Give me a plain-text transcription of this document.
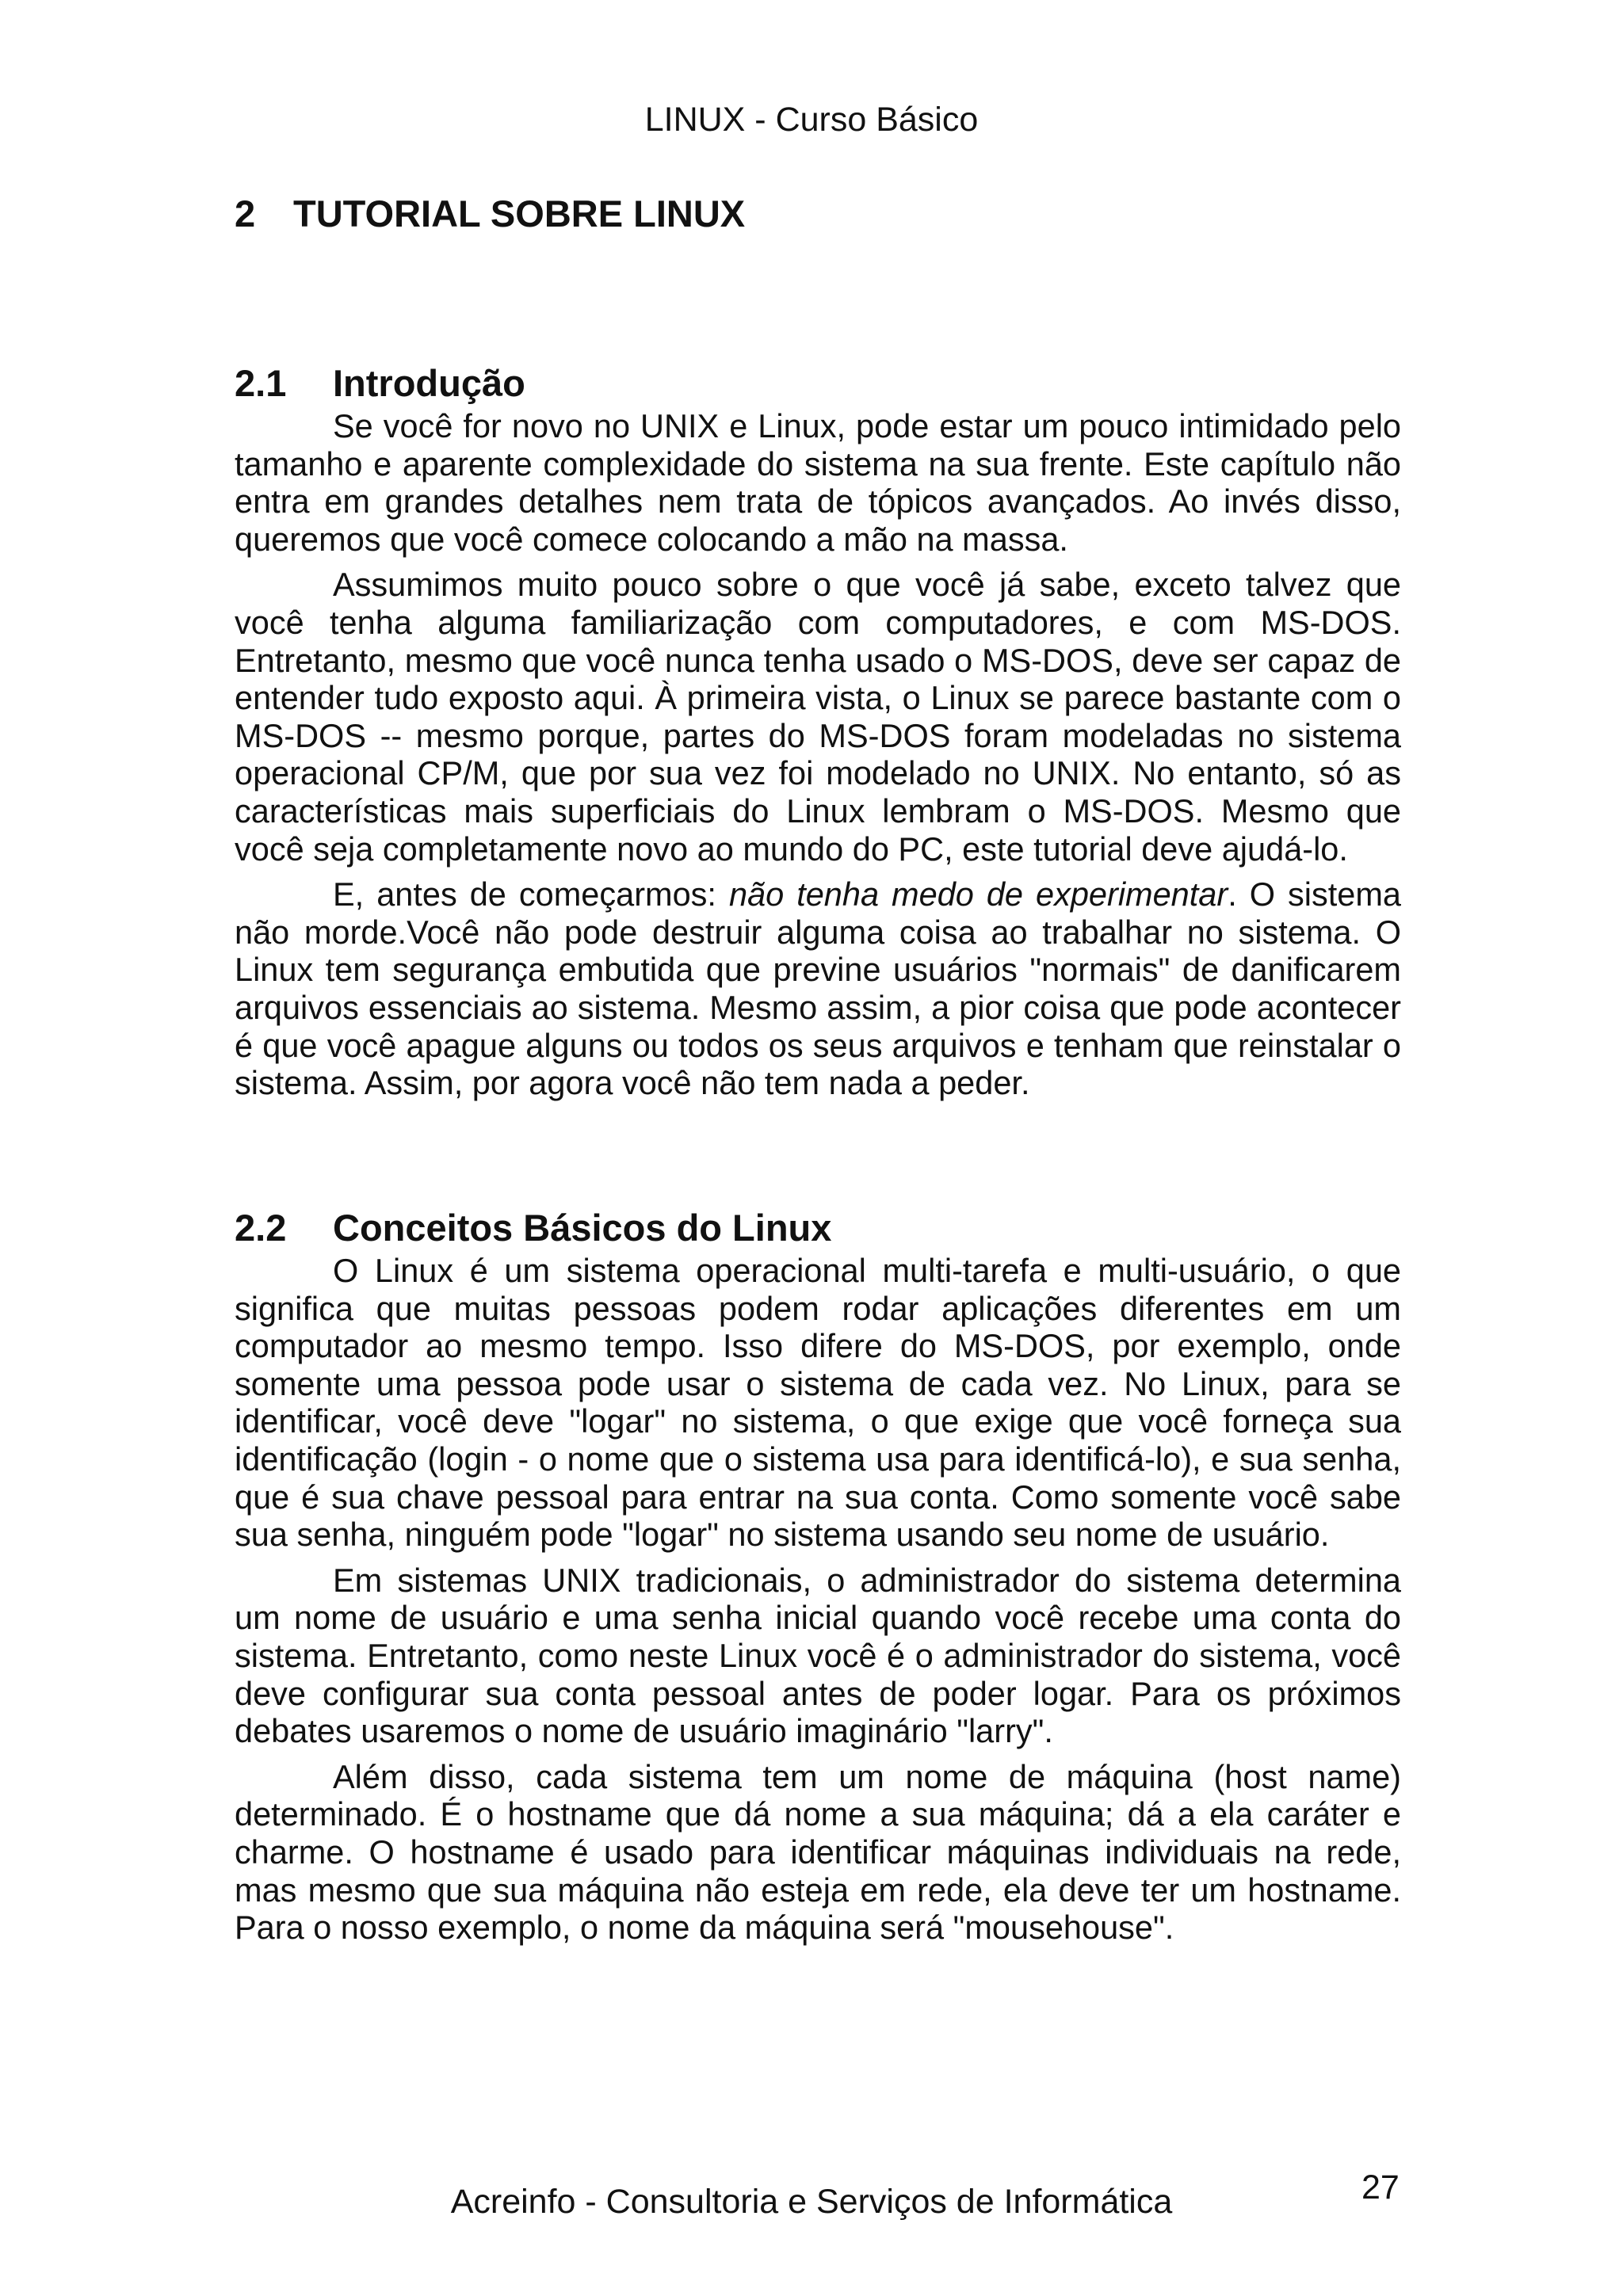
LINUX - Curso Básico
2 TUTORIAL SOBRE LINUX
2.1 Introdução

Se você for novo no UNIX e Linux, pode estar um pouco intimidado pelo tamanho e aparente complexidade do sistema na sua frente. Este capítulo não entra em grandes detalhes nem trata de tópicos avançados. Ao invés disso, queremos que você comece colocando a mão na massa.

Assumimos muito pouco sobre o que você já sabe, exceto talvez que você tenha alguma familiarização com computadores, e com MS-DOS. Entretanto, mesmo que você nunca tenha usado o MS-DOS, deve ser capaz de entender tudo exposto aqui. À primeira vista, o Linux se parece bastante com o MS-DOS -- mesmo porque, partes do MS-DOS foram modeladas no sistema operacional CP/M, que por sua vez foi modelado no UNIX. No entanto, só as características mais superficiais do Linux lembram o MS-DOS. Mesmo que você seja completamente novo ao mundo do PC, este tutorial deve ajudá-lo.

E, antes de começarmos: não tenha medo de experimentar. O sistema não morde.Você não pode destruir alguma coisa ao trabalhar no sistema. O Linux tem segurança embutida que previne usuários "normais" de danificarem arquivos essenciais ao sistema. Mesmo assim, a pior coisa que pode acontecer é que você apague alguns ou todos os seus arquivos e tenham que reinstalar o sistema. Assim, por agora você não tem nada a peder.

2.2 Conceitos Básicos do Linux

O Linux é um sistema operacional multi-tarefa e multi-usuário, o que significa que muitas pessoas podem rodar aplicações diferentes em um computador ao mesmo tempo. Isso difere do MS-DOS, por exemplo, onde somente uma pessoa pode usar o sistema de cada vez. No Linux, para se identificar, você deve "logar" no sistema, o que exige que você forneça sua identificação (login - o nome que o sistema usa para identificá-lo), e sua senha, que é sua chave pessoal para entrar na sua conta. Como somente você sabe sua senha, ninguém pode "logar" no sistema usando seu nome de usuário.

Em sistemas UNIX tradicionais, o administrador do sistema determina um nome de usuário e uma senha inicial quando você recebe uma conta do sistema. Entretanto, como neste Linux você é o administrador do sistema, você deve configurar sua conta pessoal antes de poder logar. Para os próximos debates usaremos o nome de usuário imaginário "larry".

Além disso, cada sistema tem um nome de máquina (host name) determinado. É o hostname que dá nome a sua máquina; dá a ela caráter e charme. O hostname é usado para identificar máquinas individuais na rede, mas mesmo que sua máquina não esteja em rede, ela deve ter um hostname. Para o nosso exemplo, o nome da máquina será "mousehouse".

Acreinfo - Consultoria e Serviços de Informática	27
